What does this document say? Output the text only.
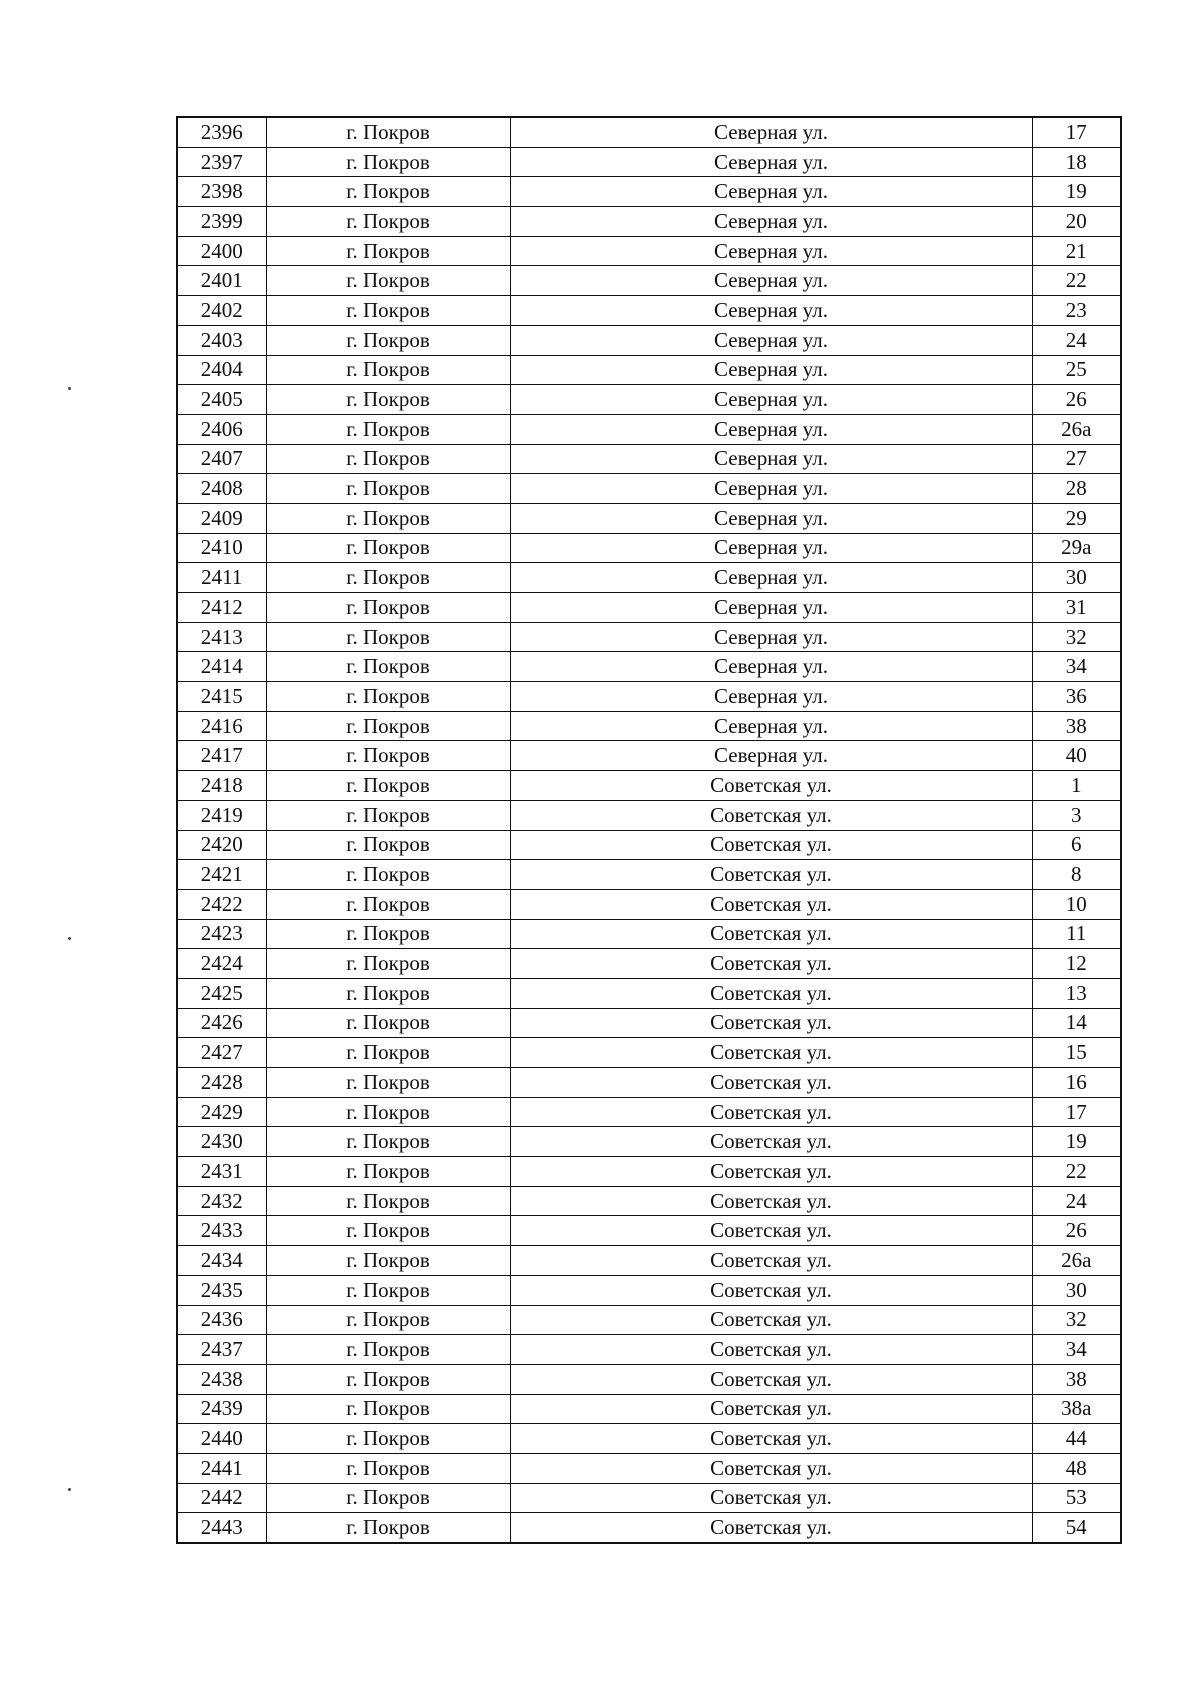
2396	г. Покров	Северная ул.	17
2397	г. Покров	Северная ул.	18
2398	г. Покров	Северная ул.	19
2399	г. Покров	Северная ул.	20
2400	г. Покров	Северная ул.	21
2401	г. Покров	Северная ул.	22
2402	г. Покров	Северная ул.	23
2403	г. Покров	Северная ул.	24
2404	г. Покров	Северная ул.	25
2405	г. Покров	Северная ул.	26
2406	г. Покров	Северная ул.	26а
2407	г. Покров	Северная ул.	27
2408	г. Покров	Северная ул.	28
2409	г. Покров	Северная ул.	29
2410	г. Покров	Северная ул.	29а
2411	г. Покров	Северная ул.	30
2412	г. Покров	Северная ул.	31
2413	г. Покров	Северная ул.	32
2414	г. Покров	Северная ул.	34
2415	г. Покров	Северная ул.	36
2416	г. Покров	Северная ул.	38
2417	г. Покров	Северная ул.	40
2418	г. Покров	Советская ул.	1
2419	г. Покров	Советская ул.	3
2420	г. Покров	Советская ул.	6
2421	г. Покров	Советская ул.	8
2422	г. Покров	Советская ул.	10
2423	г. Покров	Советская ул.	11
2424	г. Покров	Советская ул.	12
2425	г. Покров	Советская ул.	13
2426	г. Покров	Советская ул.	14
2427	г. Покров	Советская ул.	15
2428	г. Покров	Советская ул.	16
2429	г. Покров	Советская ул.	17
2430	г. Покров	Советская ул.	19
2431	г. Покров	Советская ул.	22
2432	г. Покров	Советская ул.	24
2433	г. Покров	Советская ул.	26
2434	г. Покров	Советская ул.	26а
2435	г. Покров	Советская ул.	30
2436	г. Покров	Советская ул.	32
2437	г. Покров	Советская ул.	34
2438	г. Покров	Советская ул.	38
2439	г. Покров	Советская ул.	38а
2440	г. Покров	Советская ул.	44
2441	г. Покров	Советская ул.	48
2442	г. Покров	Советская ул.	53
2443	г. Покров	Советская ул.	54
